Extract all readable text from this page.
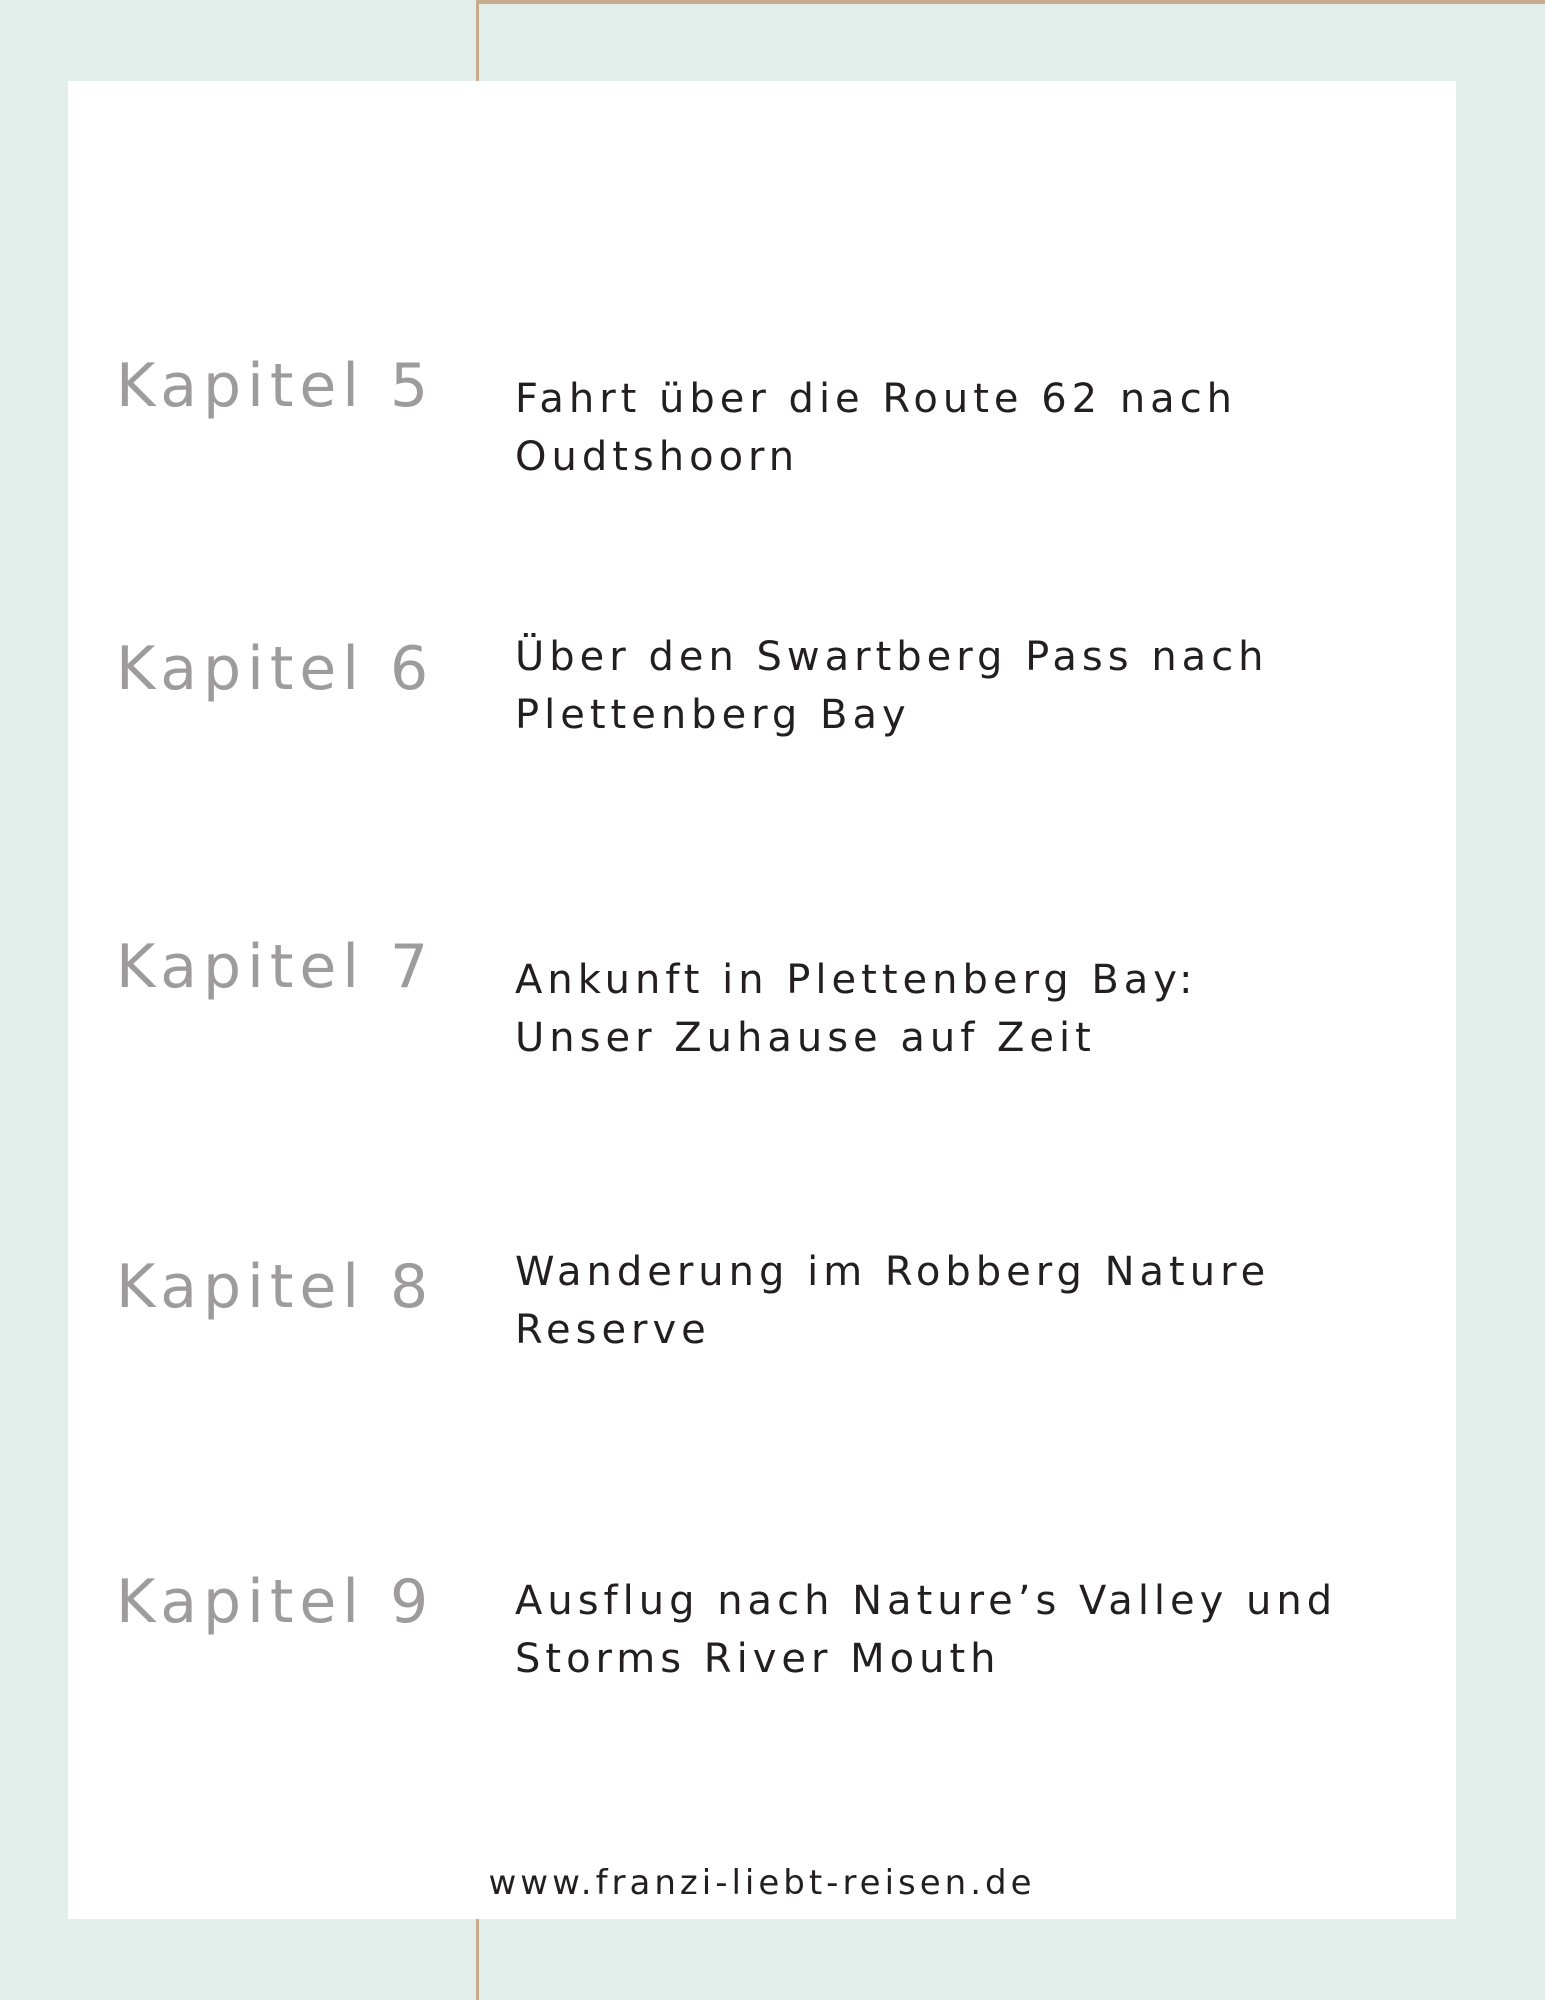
Kapitel 5 Fahrt über die Route 62 nach
Oudtshoorn

Kapitel 6 Über den Swartberg Pass nach
Plettenberg Bay

Kapitel 7 Ankunft in Plettenberg Bay:
Unser Zuhause auf Zeit

Kapitel 8 Wanderung im Robberg Nature
Reserve

Kapitel 9 Ausflug nach Nature’s Valley und
Storms River Mouth

www.franzi-liebt-reisen.de
